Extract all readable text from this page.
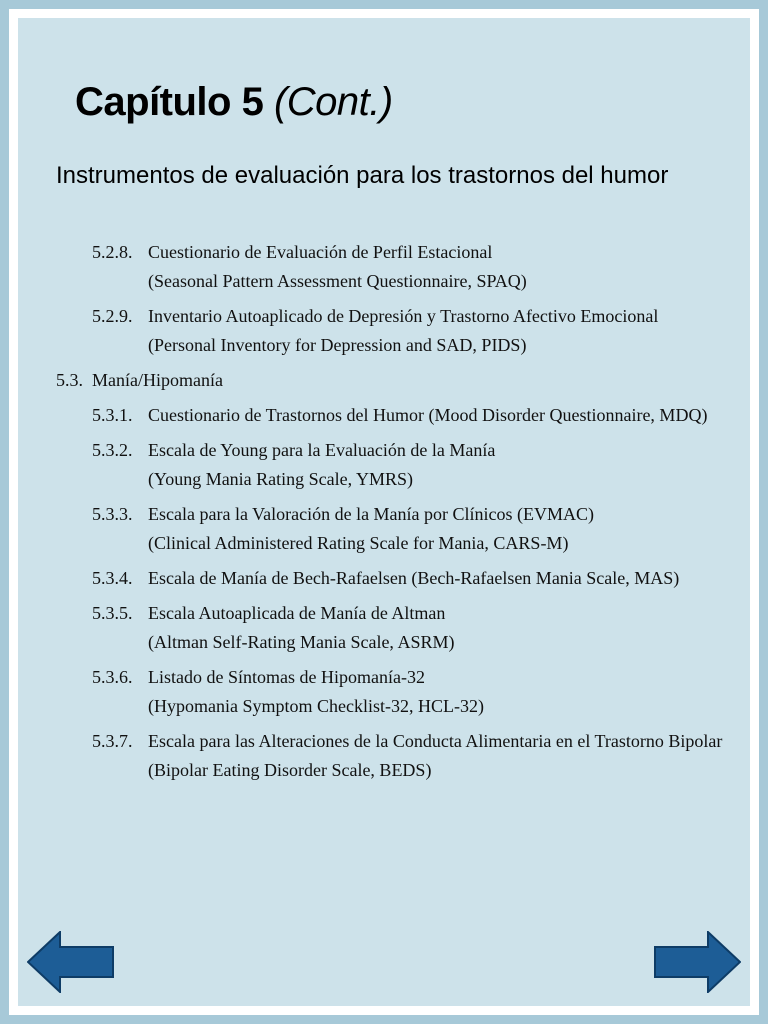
Capítulo 5 (Cont.)
Instrumentos de evaluación para los trastornos del humor
5.2.8. Cuestionario de Evaluación de Perfil Estacional
(Seasonal Pattern Assessment Questionnaire, SPAQ)
5.2.9. Inventario Autoaplicado de Depresión y Trastorno Afectivo Emocional
(Personal Inventory for Depression and SAD, PIDS)
5.3. Manía/Hipomanía
5.3.1. Cuestionario de Trastornos del Humor (Mood Disorder Questionnaire, MDQ)
5.3.2. Escala de Young para la Evaluación de la Manía
(Young Mania Rating Scale, YMRS)
5.3.3. Escala para la Valoración de la Manía por Clínicos (EVMAC)
(Clinical Administered Rating Scale for Mania, CARS-M)
5.3.4. Escala de Manía de Bech-Rafaelsen (Bech-Rafaelsen Mania Scale, MAS)
5.3.5. Escala Autoaplicada de Manía de Altman
(Altman Self-Rating Mania Scale, ASRM)
5.3.6. Listado de Síntomas de Hipomanía-32
(Hypomania Symptom Checklist-32, HCL-32)
5.3.7. Escala para las Alteraciones de la Conducta Alimentaria en el Trastorno Bipolar
(Bipolar Eating Disorder Scale, BEDS)
